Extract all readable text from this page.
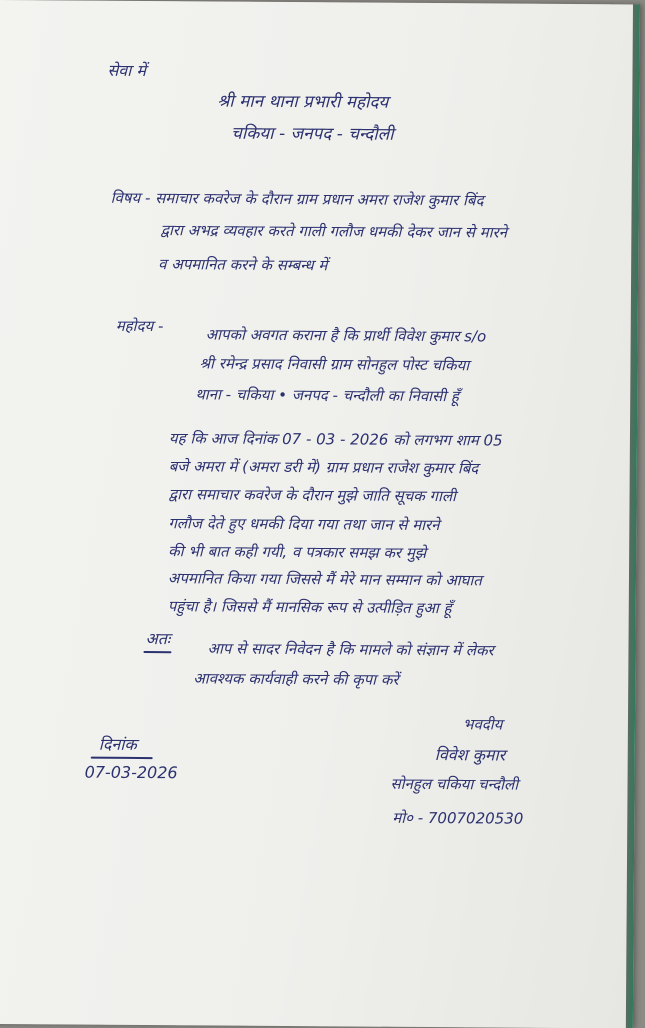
सेवा में
श्री मान थाना प्रभारी महोदय
चकिया - जनपद - चन्दौली
विषय - समाचार कवरेज के दौरान ग्राम प्रधान अमरा राजेश कुमार बिंद
द्वारा अभद्र व्यवहार करते गाली गलौज धमकी देकर जान से मारने
व अपमानित करने के सम्बन्ध में
महोदय -	आपको अवगत कराना है कि प्रार्थी विवेश कुमार s/o
श्री रमेन्द्र प्रसाद निवासी ग्राम सोनहुल पोस्ट चकिया
थाना - चकिया • जनपद - चन्दौली का निवासी हूँ
यह कि आज दिनांक 07 - 03 - 2026 को लगभग शाम 05
बजे अमरा में (अमरा डरी में) ग्राम प्रधान राजेश कुमार बिंद
द्वारा समाचार कवरेज के दौरान मुझे जाति सूचक गाली
गलौज देते हुए धमकी दिया गया तथा जान से मारने
की भी बात कही गयी, व पत्रकार समझ कर मुझे
अपमानित किया गया जिससे मैं मेरे मान सम्मान को आघात
पहुंचा है। जिससे मैं मानसिक रूप से उत्पीड़ित हुआ हूँ
अतः
आप से सादर निवेदन है कि मामले को संज्ञान में लेकर
आवश्यक कार्यवाही करने की कृपा करें
भवदीय
विवेश कुमार
सोनहुल चकिया चन्दौली
मो० - 7007020530
दिनांक
07-03-2026
